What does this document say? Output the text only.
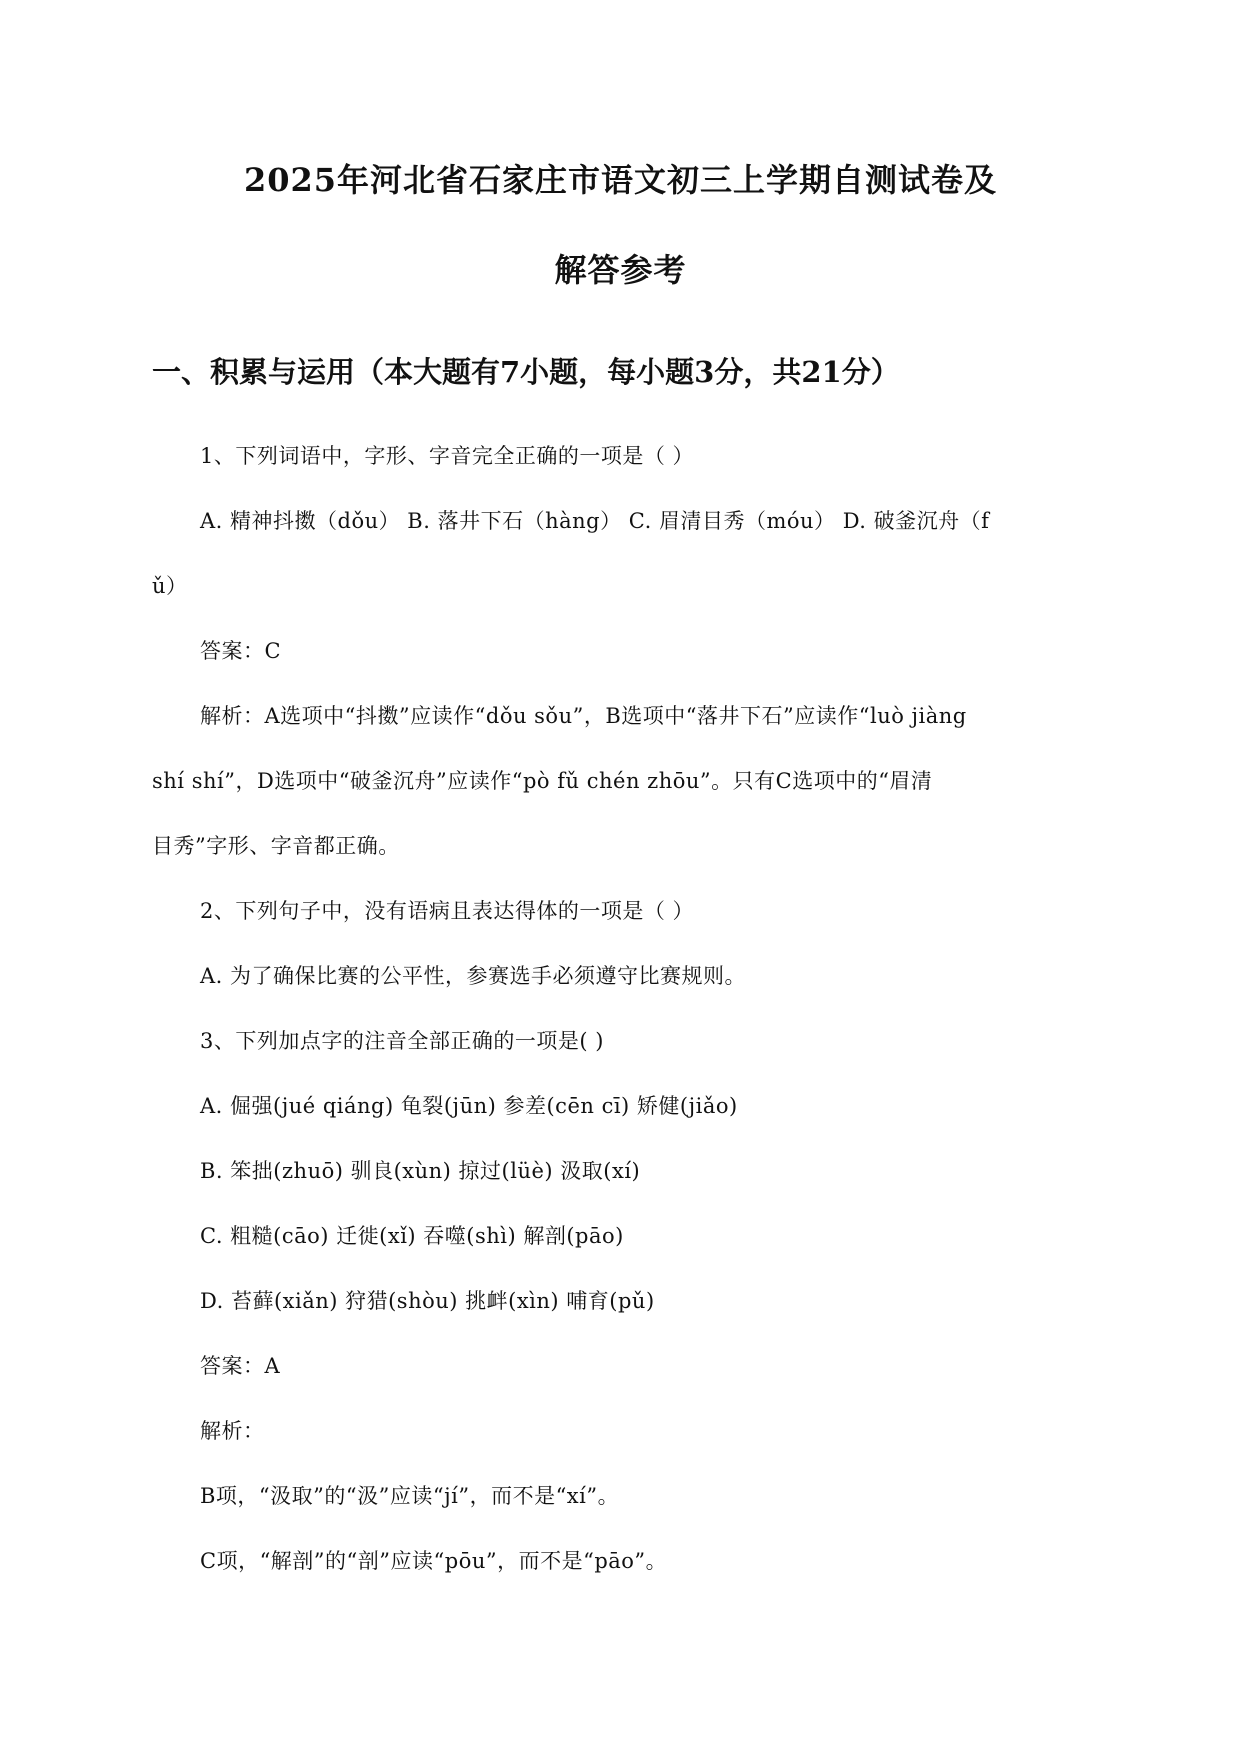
2025年河北省石家庄市语文初三上学期自测试卷及
解答参考
一、积累与运用（本大题有7小题，每小题3分，共21分）
1、下列词语中，字形、字音完全正确的一项是（ ）
A. 精神抖擞（dǒu） B. 落井下石（hàng） C. 眉清目秀（móu） D. 破釜沉舟（f
ǔ）
答案：C
解析：A选项中“抖擞”应读作“dǒu sǒu”，B选项中“落井下石”应读作“luò jiàng
shí shí”，D选项中“破釜沉舟”应读作“pò fǔ chén zhōu”。只有C选项中的“眉清
目秀”字形、字音都正确。
2、下列句子中，没有语病且表达得体的一项是（ ）
A. 为了确保比赛的公平性，参赛选手必须遵守比赛规则。
3、下列加点字的注音全部正确的一项是( )
A. 倔强(jué qiáng) 龟裂(jūn) 参差(cēn cī) 矫健(jiǎo)
B. 笨拙(zhuō) 驯良(xùn) 掠过(lüè) 汲取(xí)
C. 粗糙(cāo) 迁徙(xǐ) 吞噬(shì) 解剖(pāo)
D. 苔藓(xiǎn) 狩猎(shòu) 挑衅(xìn) 哺育(pǔ)
答案：A
解析：
B项，“汲取”的“汲”应读“jí”，而不是“xí”。
C项，“解剖”的“剖”应读“pōu”，而不是“pāo”。
